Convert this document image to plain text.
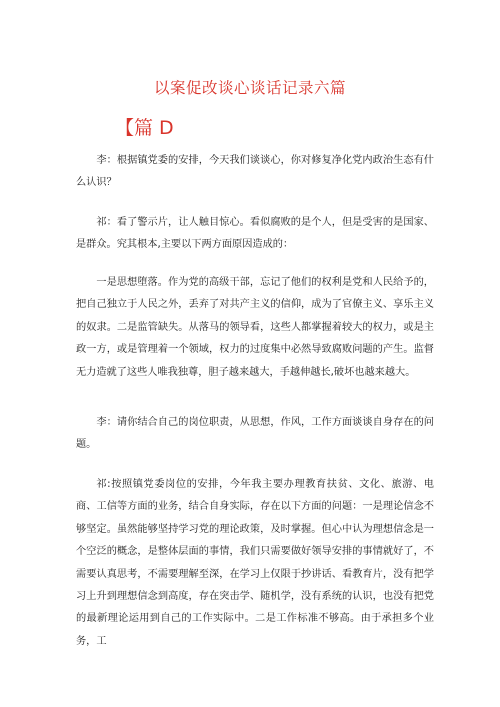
以案促改谈心谈话记录六篇
【篇 D

李：根据镇党委的安排，今天我们谈谈心，你对修复净化党内政治生态有什么认识？

祁：看了警示片，让人触目惊心。看似腐败的是个人，但是受害的是国家、是群众。究其根本,主要以下两方面原因造成的：

一是思想堕落。作为党的高级干部，忘记了他们的权利是党和人民给予的，把自己独立于人民之外，丢弃了对共产主义的信仰，成为了官僚主义、享乐主义的奴隶。二是监管缺失。从落马的领导看，这些人都掌握着较大的权力，或是主政一方，或是管理着一个领域，权力的过度集中必然导致腐败问题的产生。监督无力造就了这些人唯我独尊，胆子越来越大，手越伸越长,破坏也越来越大。

李：请你结合自己的岗位职责，从思想，作风，工作方面谈谈自身存在的问题。

祁:按照镇党委岗位的安排，今年我主要办理教育扶贫、文化、旅游、电商、工信等方面的业务，结合自身实际，存在以下方面的问题：一是理论信念不够坚定。虽然能够坚持学习党的理论政策，及时掌握。但心中认为理想信念是一个空泛的概念，是整体层面的事情，我们只需要做好领导安排的事情就好了，不需要认真思考，不需要理解至深，在学习上仅限于抄讲话、看教育片，没有把学习上升到理想信念到高度，存在突击学、随机学，没有系统的认识，也没有把党的最新理论运用到自己的工作实际中。二是工作标准不够高。由于承担多个业务，工
